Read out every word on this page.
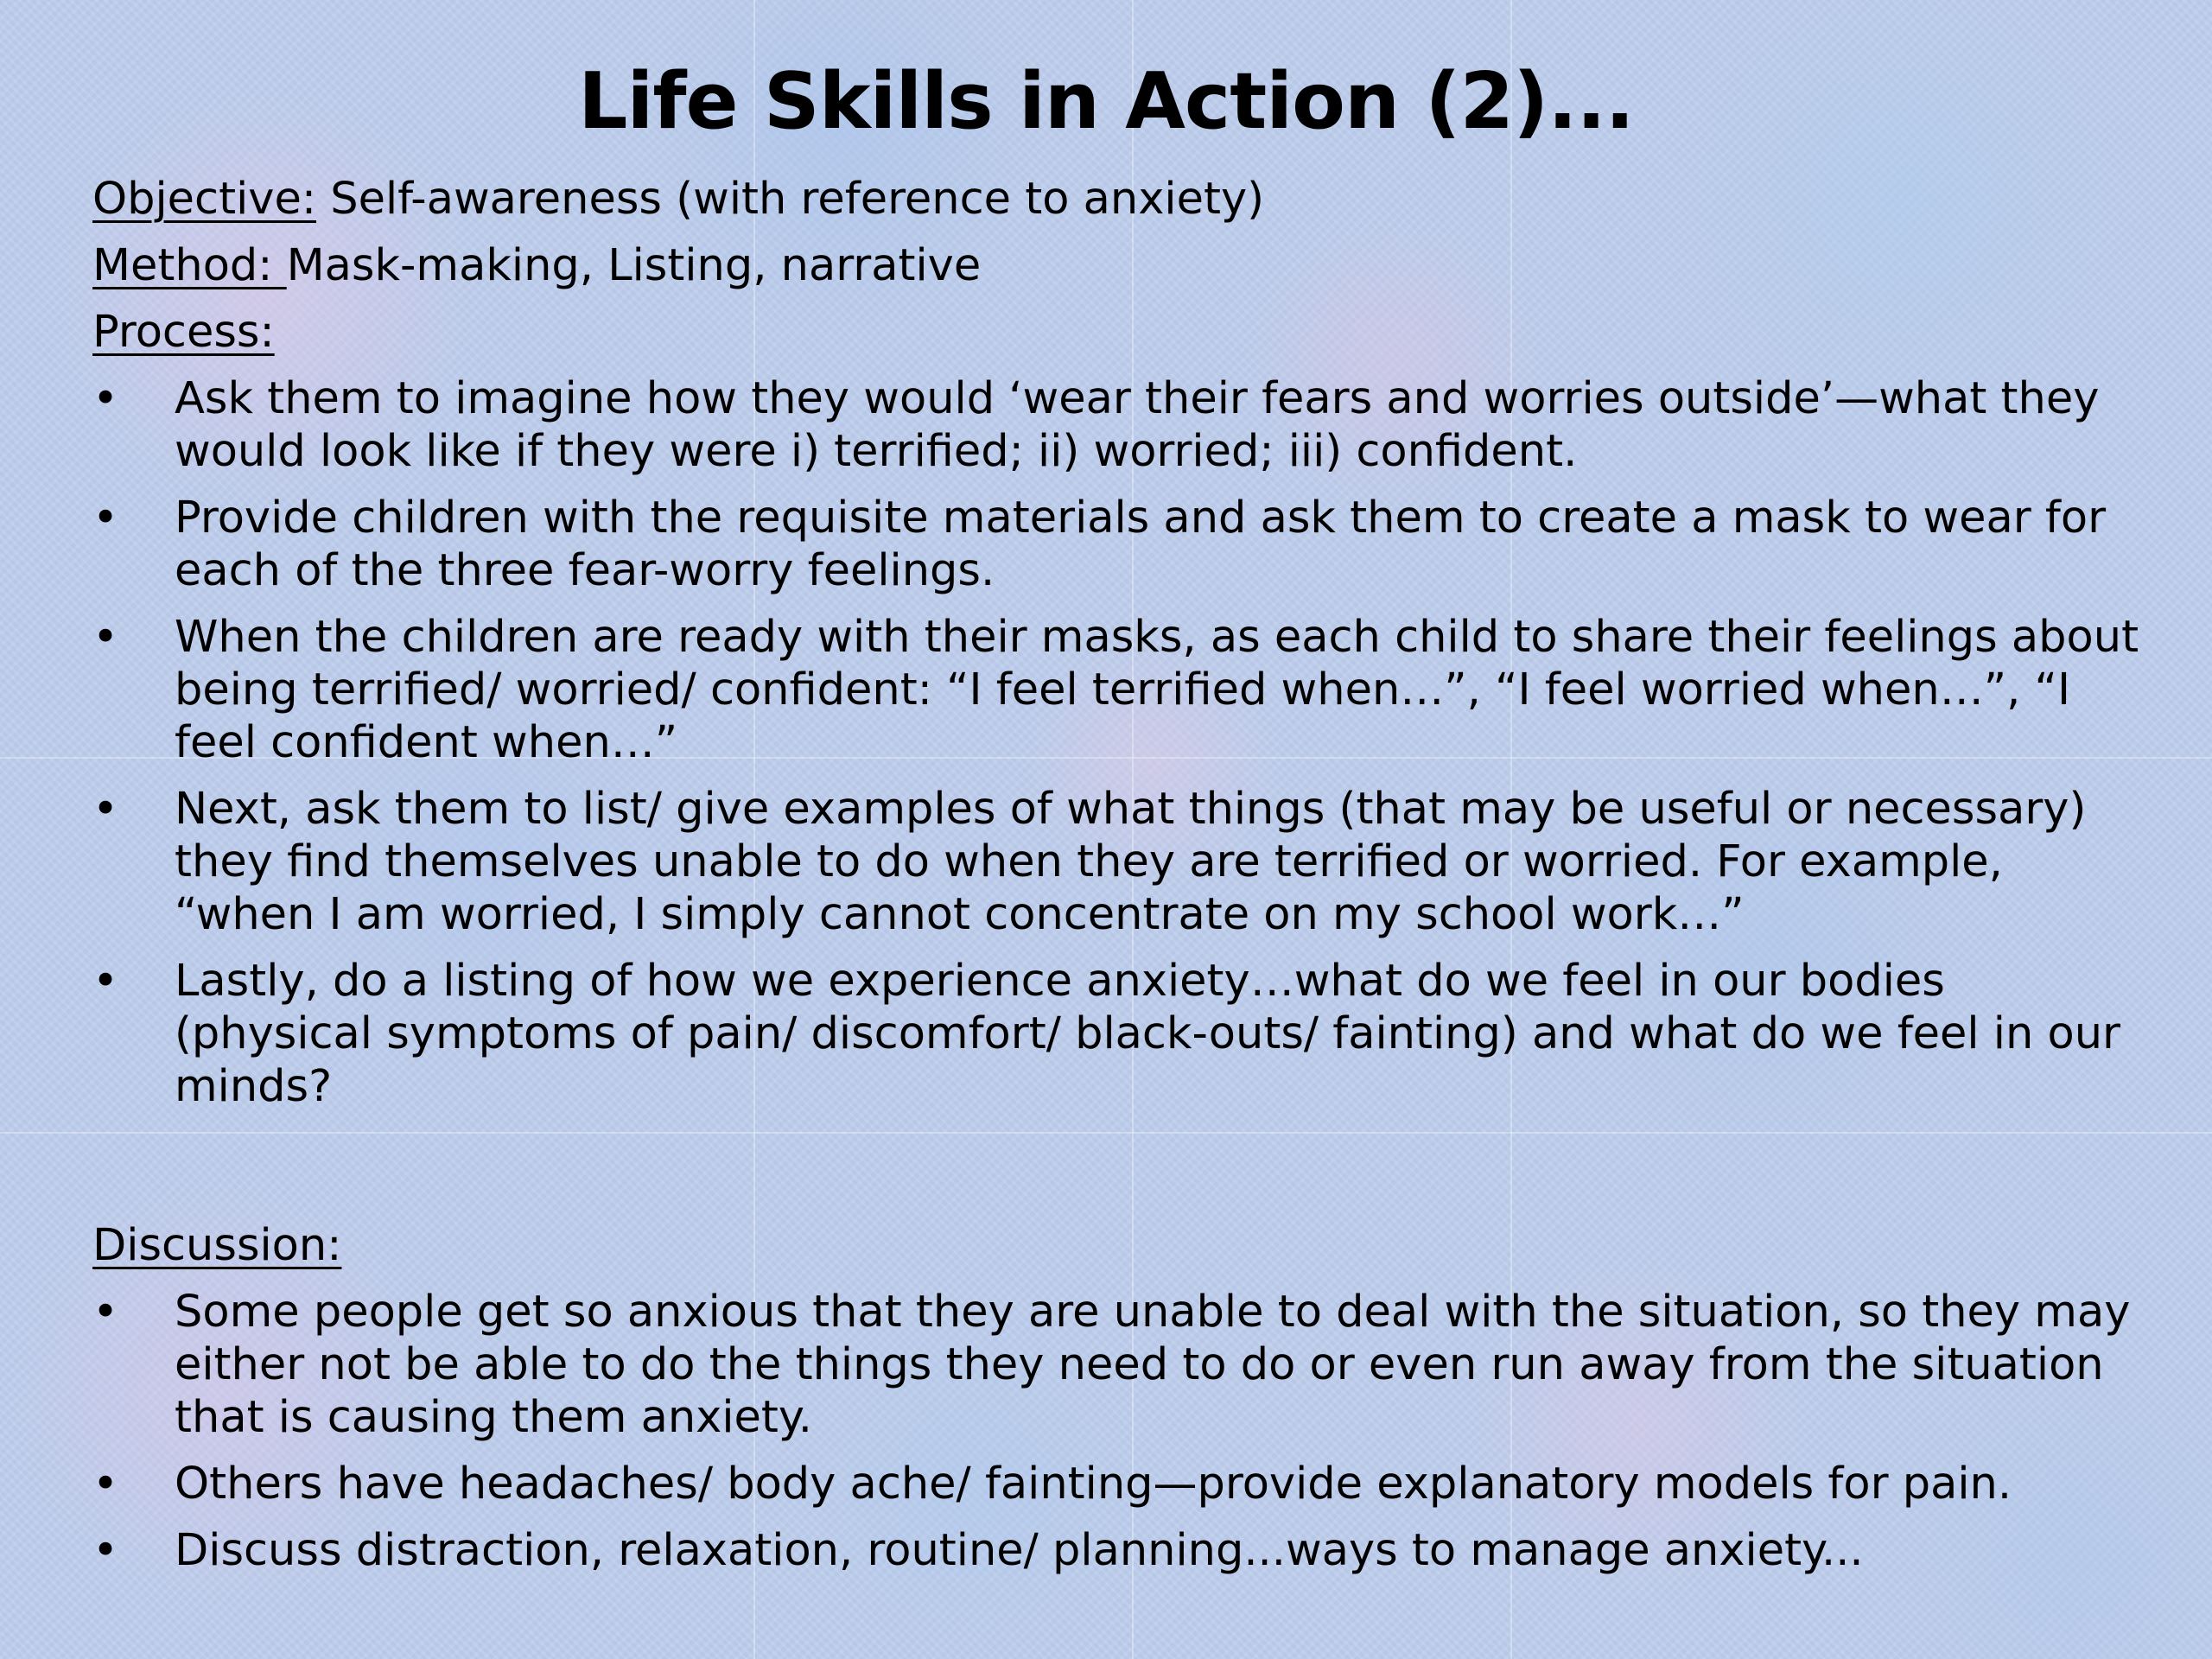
Life Skills in Action (2)...

Objective: Self-awareness (with reference to anxiety)

Method: Mask-making, Listing, narrative

Process:

• Ask them to imagine how they would ‘wear their fears and worries outside’—what they would look like if they were i) terrified; ii) worried; iii) confident.
• Provide children with the requisite materials and ask them to create a mask to wear for each of the three fear-worry feelings.
• When the children are ready with their masks, as each child to share their feelings about being terrified/ worried/ confident: “I feel terrified when…”, “I feel worried when…”, “I feel confident when…”
• Next, ask them to list/ give examples of what things (that may be useful or necessary) they find themselves unable to do when they are terrified or worried. For example, “when I am worried, I simply cannot concentrate on my school work…”
• Lastly, do a listing of how we experience anxiety…what do we feel in our bodies (physical symptoms of pain/ discomfort/ black-outs/ fainting) and what do we feel in our minds?

Discussion:

• Some people get so anxious that they are unable to deal with the situation, so they may either not be able to do the things they need to do or even run away from the situation that is causing them anxiety.
• Others have headaches/ body ache/ fainting—provide explanatory models for pain.
• Discuss distraction, relaxation, routine/ planning...ways to manage anxiety...
